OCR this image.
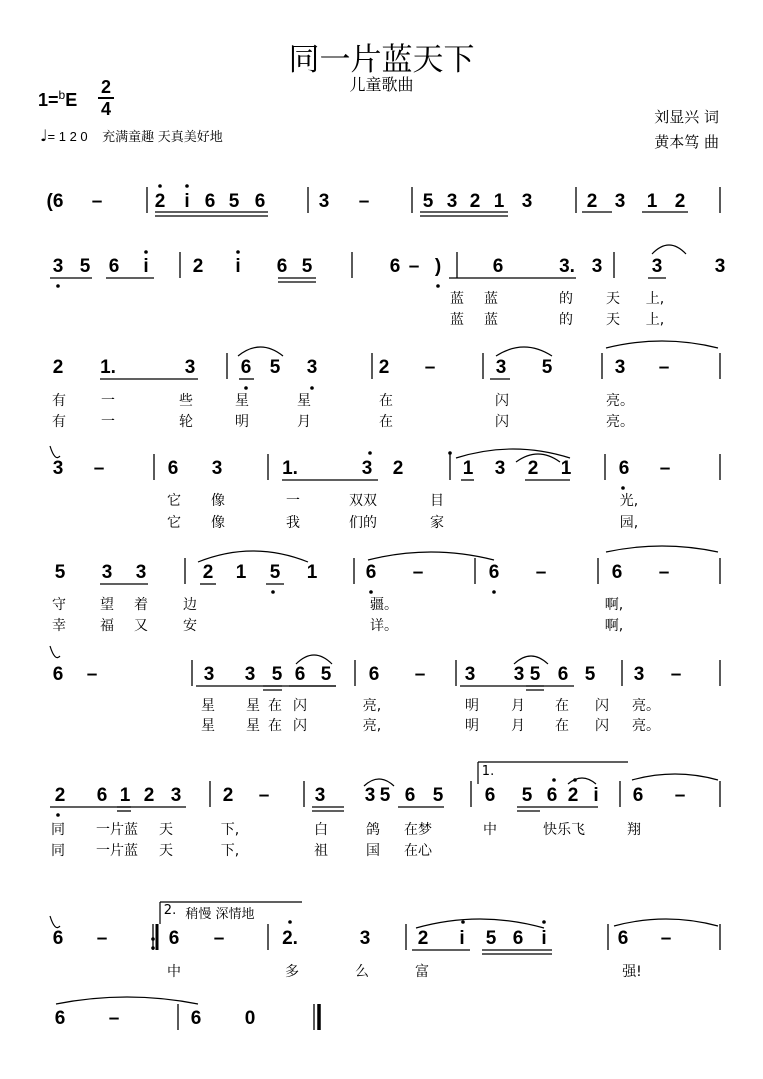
同一片蓝天下
儿童歌曲
1=$^b$E
2
4
♩= 1 2 0 充满童趣 天真美好地
刘显兴 词
黄本笃 曲
(6 –	2 i 6 5 6	3 –	5 3 2 1 3	2 3 1 2
3 5 6 i 2 i 6 5	6 – )	6	3. 3	3	3
蓝 蓝	的 天 上,
蓝 蓝	的 天 上,
2 1.	3 6 5 3	2 –	3 5	3 –
有	一	些	星	星	在	闪	亮。
有	一	轮	明	月	在	闪	亮。
3 –	6 3	1.	3 2	1 3 2 1 6 –
它 像	一	双双	目	光,
它 像	我	们的	家	园,
5 3 3	2 1 5 1	6 –	6 –	6 –
守 望 着	边	疆。	啊,
幸 福 又	安	详。	啊,
6 –	3 3 5 6 5 6 – 3 3 5 6 5 3 –
星 星 在 闪	亮,	明 月 在 闪 亮。
星 星 在 闪	亮,	明 月 在 闪 亮。
2 6 1 2 3 2 – 3 3 5 6 5 6 5 6 2 i 6 –
同 一片蓝 天	下,	白	鸽 在梦	中	快乐飞	翔
同 一片蓝 天	下,	祖	国 在心
6 –	6 –	2.	3 2 i 5 6 i	6 –
中	多	么	富	强!
6 –	6 0
1.
2. 稍慢 深情地
